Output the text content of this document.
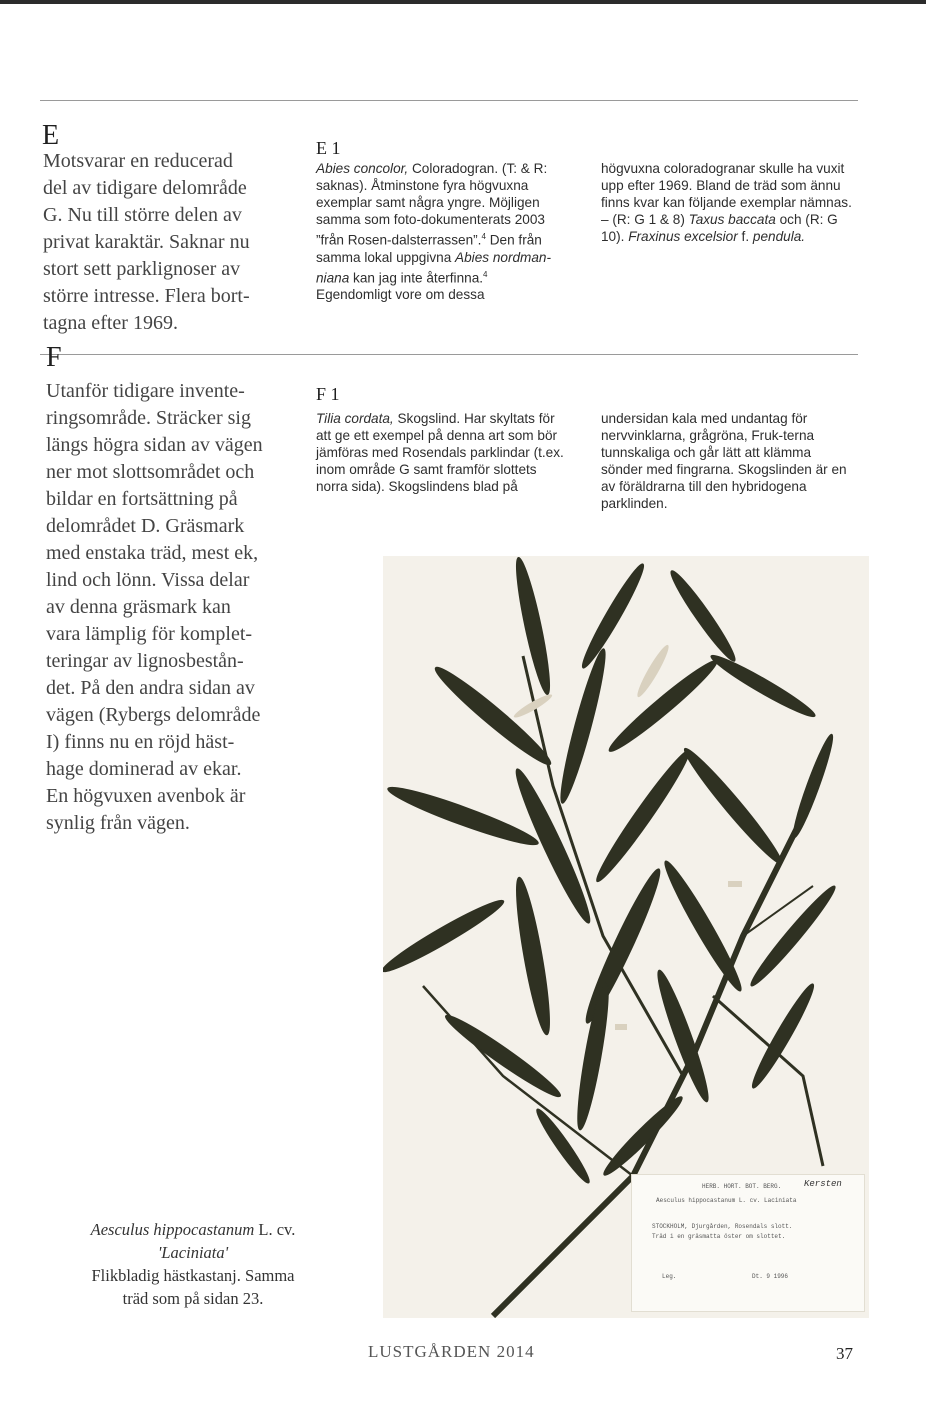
E

Motsvarar en reducerad

del av tidigare delområde

G. Nu till större delen av

privat karaktär. Saknar nu

stort sett parklignoser av

större intresse. Flera bort-

tagna efter 1969.

E 1

Abies concolor, Coloradogran. (T: & R: saknas). Åtminstone fyra högvuxna exemplar samt några yngre. Möjligen samma som foto-dokumenterats 2003 ”från Rosen-dalsterrassen”.$^4$ Den från samma lokal uppgivna Abies nordman-niana kan jag inte återfinna.$^4$ Egendomligt vore om dessa

högvuxna coloradogranar skulle ha vuxit upp efter 1969. Bland de träd som ännu finns kvar kan följande exemplar nämnas. – (R: G 1 & 8) Taxus baccata och (R: G 10). Fraxinus excelsior f. pendula.

F

Utanför tidigare invente-

ringsområde. Sträcker sig

längs högra sidan av vägen

ner mot slottsområdet och

bildar en fortsättning på

delområdet D. Gräsmark

med enstaka träd, mest ek,

lind och lönn. Vissa delar

av denna gräsmark kan

vara lämplig för komplet-

teringar av lignosbestån-

det. På den andra sidan av

vägen (Rybergs delområde

I) finns nu en röjd häst-

hage dominerad av ekar.

En högvuxen avenbok är

synlig från vägen.

F 1

Tilia cordata, Skogslind. Har skyltats för att ge ett exempel på denna art som bör jämföras med Rosendals parklindar (t.ex. inom område G samt framför slottets norra sida). Skogslindens blad på

undersidan kala med undantag för nervvinklarna, grågröna, Fruk-terna tunnskaliga och går lätt att klämma sönder med fingrarna. Skogslinden är en av föräldrarna till den hybridogena parklinden.

HERB. HORT. BOT. BERG.	Kersten
Aesculus hippocastanum L. cv. Laciniata
STOCKHOLM, Djurgården, Rosendals slott.
Träd i en gräsmatta öster om slottet.
Leg.	Dt. 9 1996
Aesculus hippocastanum L. cv.
'Laciniata'
Flikbladig hästkastanj. Samma
träd som på sidan 23.
LUSTGÅRDEN 2014	37
